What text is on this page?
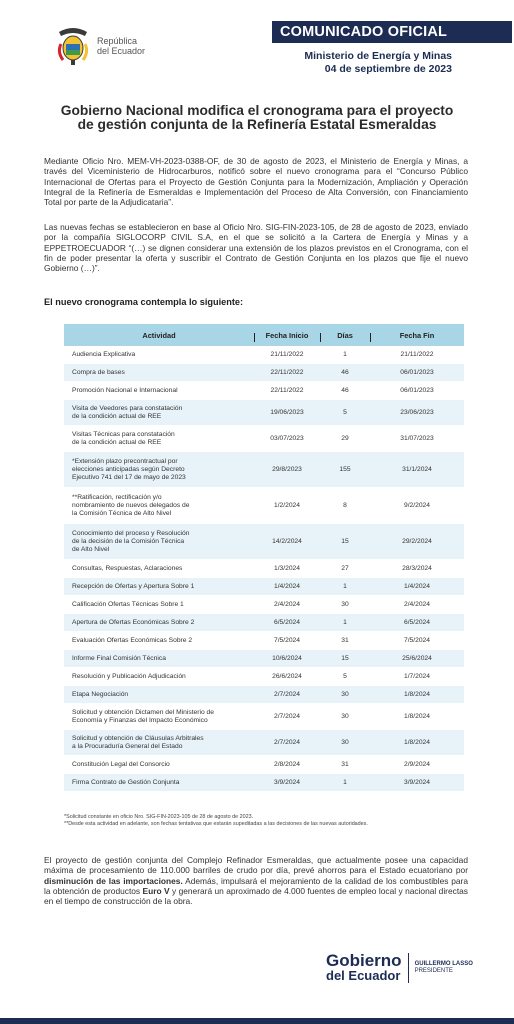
República
del Ecuador
COMUNICADO OFICIAL
Ministerio de Energía y Minas
04 de septiembre de 2023
Gobierno Nacional modifica el cronograma para el proyecto
de gestión conjunta de la Refinería Estatal Esmeraldas
Mediante Oficio Nro. MEM-VH-2023-0388-OF, de 30 de agosto de 2023, el Ministerio de Energía y Minas, a través del Viceministerio de Hidrocarburos, notificó sobre el nuevo cronograma para el “Concurso Público Internacional de Ofertas para el Proyecto de Gestión Conjunta para la Modernización, Ampliación y Operación Integral de la Refinería de Esmeraldas e Implementación del Proceso de Alta Conversión, con Financiamiento Total por parte de la Adjudicataria”.
Las nuevas fechas se establecieron en base al Oficio Nro. SIG-FIN-2023-105, de 28 de agosto de 2023, enviado por la compañía SIGLOCORP CIVIL S.A, en el que se solicitó a la Cartera de Energía y Minas y a EPPETROECUADOR “(…) se dignen considerar una extensión de los plazos previstos en el Cronograma, con el fin de poder presentar la oferta y suscribir el Contrato de Gestión Conjunta en los plazos que fije el nuevo Gobierno (…)”.
El nuevo cronograma contempla lo siguiente:
Actividad	Fecha Inicio	Días	Fecha Fin
Audiencia Explicativa	21/11/2022	1	21/11/2022
Compra de bases	22/11/2022	46	06/01/2023
Promoción Nacional e Internacional	22/11/2022	46	06/01/2023
Visita de Veedores para constatación
de la condición actual de REE
19/06/2023	5	23/06/2023
Visitas Técnicas para constatación
de la condición actual de REE
03/07/2023	29	31/07/2023
*Extensión plazo precontractual por
elecciones anticipadas según Decreto
Ejecutivo 741 del 17 de mayo de 2023
29/8/2023	155	31/1/2024
**Ratificación, rectificación y/o
nombramiento de nuevos delegados de
la Comisión Técnica de Alto Nivel
1/2/2024	8	9/2/2024
Conocimiento del proceso y Resolución
de la decisión de la Comisión Técnica
de Alto Nivel
14/2/2024	15	29/2/2024
Consultas, Respuestas, Aclaraciones	1/3/2024	27	28/3/2024
Recepción de Ofertas y Apertura Sobre 1	1/4/2024	1	1/4/2024
Calificación Ofertas Técnicas Sobre 1	2/4/2024	30	2/4/2024
Apertura de Ofertas Económicas Sobre 2	6/5/2024	1	6/5/2024
Evaluación Ofertas Económicas Sobre 2	7/5/2024	31	7/5/2024
Informe Final Comisión Técnica	10/6/2024	15	25/6/2024
Resolución y Publicación Adjudicación	26/6/2024	5	1/7/2024
Etapa Negociación	2/7/2024	30	1/8/2024
Solicitud y obtención Dictamen del Ministerio de
Economía y Finanzas del Impacto Económico
2/7/2024	30	1/8/2024
Solicitud y obtención de Cláusulas Arbitrales
a la Procuraduría General del Estado
2/7/2024	30	1/8/2024
Constitución Legal del Consorcio	2/8/2024	31	2/9/2024
Firma Contrato de Gestión Conjunta	3/9/2024	1	3/9/2024
*Solicitud constante en oficio Nro. SIG-FIN-2023-105 de 28 de agosto de 2023.
**Desde esta actividad en adelante, son fechas tentativas que estarán supeditadas a las decisiones de las nuevas autoridades.
El proyecto de gestión conjunta del Complejo Refinador Esmeraldas, que actualmente posee una capacidad máxima de procesamiento de 110.000 barriles de crudo por día, prevé ahorros para el Estado ecuatoriano por disminución de las importaciones. Además, impulsará el mejoramiento de la calidad de los combustibles para la obtención de productos Euro V y generará un aproximado de 4.000 fuentes de empleo local y nacional directas en el tiempo de construcción de la obra.
Gobierno
del Ecuador
GUILLERMO LASSO
PRESIDENTE
